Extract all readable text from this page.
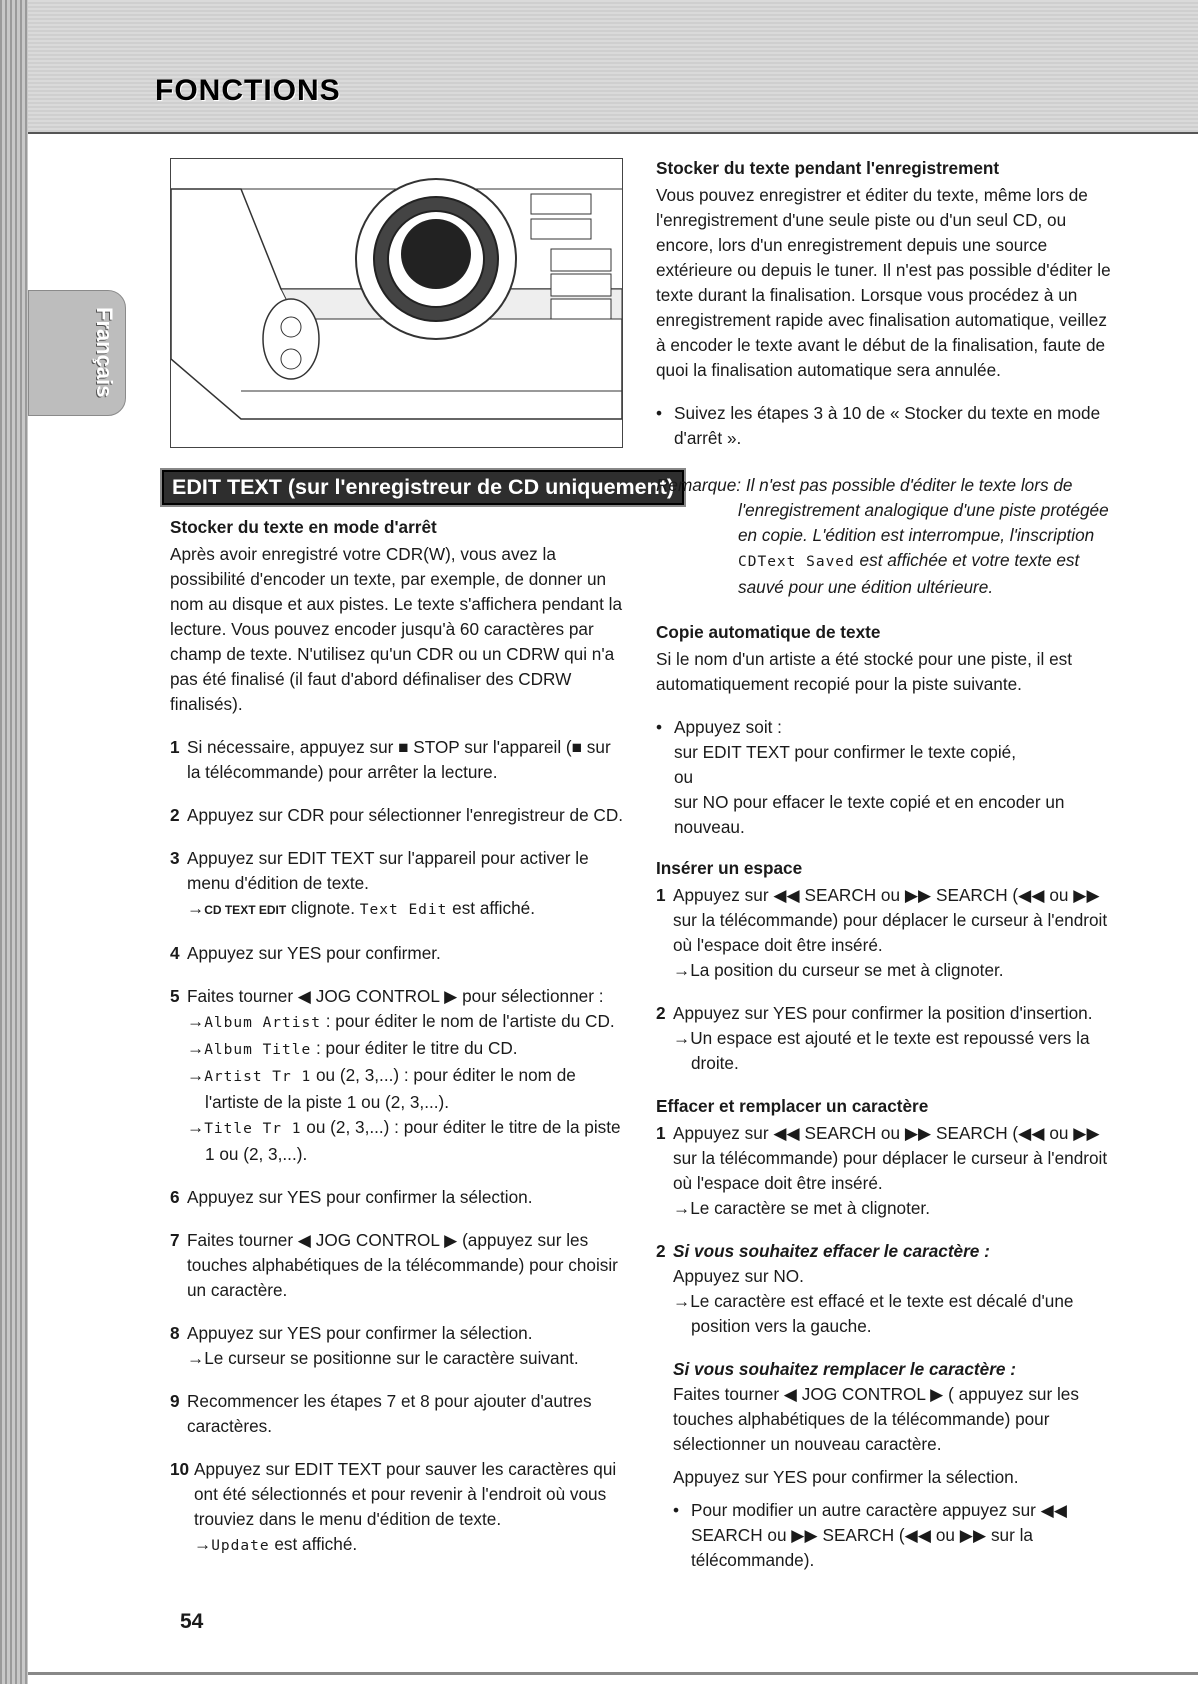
FONCTIONS
Français
EDIT TEXT (sur l'enregistreur de CD uniquement)
Stocker du texte en mode d'arrêt

Après avoir enregistré votre CDR(W), vous avez la possibilité d'encoder un texte, par exemple, de donner un nom au disque et aux pistes. Le texte s'affichera pendant la lecture. Vous pouvez encoder jusqu'à 60 caractères par champ de texte. N'utilisez qu'un CDR ou un CDRW qui n'a pas été finalisé (il faut d'abord définaliser des CDRW finalisés).

1 Si nécessaire, appuyez sur ■ STOP sur l'appareil (■ sur la télécommande) pour arrêter la lecture.
2 Appuyez sur CDR pour sélectionner l'enregistreur de CD.
3 Appuyez sur EDIT TEXT sur l'appareil pour activer le menu d'édition de texte.
→CD TEXT EDIT clignote. Text Edit est affiché.
4 Appuyez sur YES pour confirmer.
5 Faites tourner ◀ JOG CONTROL ▶ pour sélectionner :
→Album Artist : pour éditer le nom de l'artiste du CD.
→Album Title : pour éditer le titre du CD.
→Artist Tr 1 ou (2, 3,...) : pour éditer le nom de l'artiste de la piste 1 ou (2, 3,...).
→Title Tr 1 ou (2, 3,...) : pour éditer le titre de la piste 1 ou (2, 3,...).
6 Appuyez sur YES pour confirmer la sélection.
7 Faites tourner ◀ JOG CONTROL ▶ (appuyez sur les touches alphabétiques de la télécommande) pour choisir un caractère.
8 Appuyez sur YES pour confirmer la sélection.
→Le curseur se positionne sur le caractère suivant.
9 Recommencer les étapes 7 et 8 pour ajouter d'autres caractères.
10 Appuyez sur EDIT TEXT pour sauver les caractères qui ont été sélectionnés et pour revenir à l'endroit où vous trouviez dans le menu d'édition de texte.
→Update est affiché.
Stocker du texte pendant l'enregistrement

Vous pouvez enregistrer et éditer du texte, même lors de l'enregistrement d'une seule piste ou d'un seul CD, ou encore, lors d'un enregistrement depuis une source extérieure ou depuis le tuner. Il n'est pas possible d'éditer le texte durant la finalisation. Lorsque vous procédez à un enregistrement rapide avec finalisation automatique, veillez à encoder le texte avant le début de la finalisation, faute de quoi la finalisation automatique sera annulée.

• Suivez les étapes 3 à 10 de « Stocker du texte en mode d'arrêt ».
Remarque: Il n'est pas possible d'éditer le texte lors de
l'enregistrement analogique d'une piste protégée en copie. L'édition est interrompue, l'inscription CDText Saved est affichée et votre texte est sauvé pour une édition ultérieure.
Copie automatique de texte

Si le nom d'un artiste a été stocké pour une piste, il est automatiquement recopié pour la piste suivante.

• Appuyez soit :
sur EDIT TEXT pour confirmer le texte copié,
ou
sur NO pour effacer le texte copié et en encoder un nouveau.
Insérer un espace
1 Appuyez sur ◀◀ SEARCH ou ▶▶ SEARCH (◀◀ ou ▶▶ sur la télécommande) pour déplacer le curseur à l'endroit où l'espace doit être inséré.
→La position du curseur se met à clignoter.
2 Appuyez sur YES pour confirmer la position d'insertion.
→Un espace est ajouté et le texte est repoussé vers la droite.
Effacer et remplacer un caractère
1 Appuyez sur ◀◀ SEARCH ou ▶▶ SEARCH (◀◀ ou ▶▶ sur la télécommande) pour déplacer le curseur à l'endroit où l'espace doit être inséré.
→Le caractère se met à clignoter.
2 Si vous souhaitez effacer le caractère :
Appuyez sur NO.
→Le caractère est effacé et le texte est décalé d'une position vers la gauche.
Si vous souhaitez remplacer le caractère :
Faites tourner ◀ JOG CONTROL ▶ ( appuyez sur les touches alphabétiques de la télécommande) pour sélectionner un nouveau caractère.
Appuyez sur YES pour confirmer la sélection.
• Pour modifier un autre caractère appuyez sur ◀◀ SEARCH ou ▶▶ SEARCH (◀◀ ou ▶▶ sur la télécommande).
54
